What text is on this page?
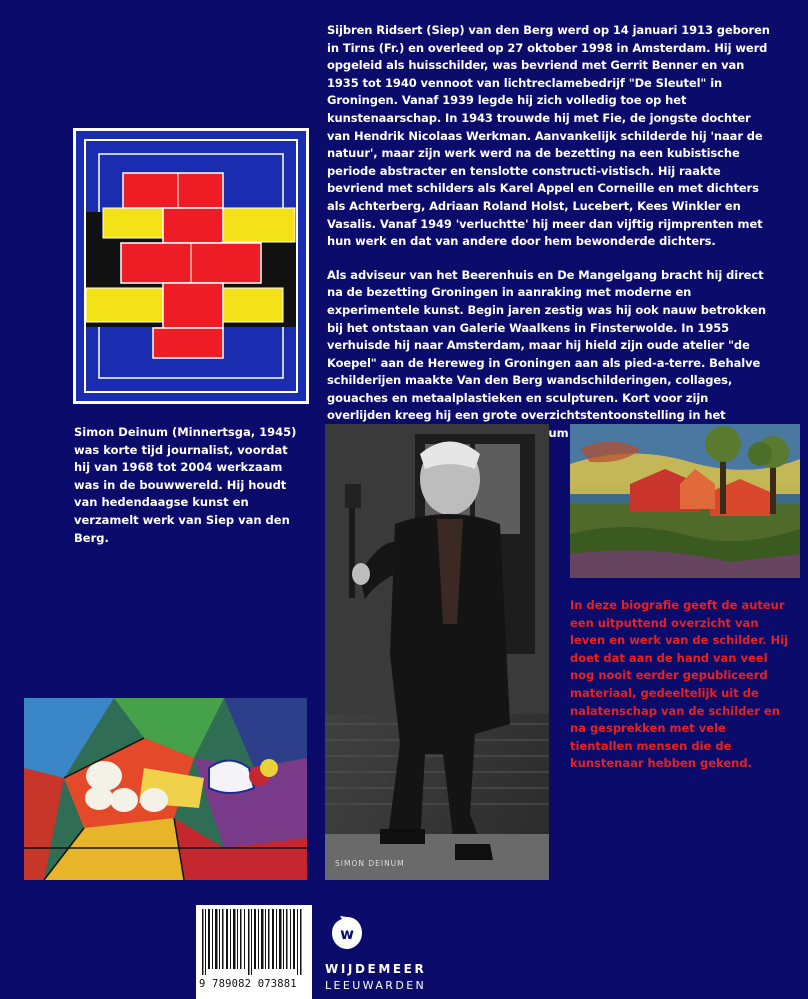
Sijbren Ridsert (Siep) van den Berg werd op 14 januari 1913 geboren in Tirns (Fr.) en overleed op 27 oktober 1998 in Amsterdam. Hij werd opgeleid als huisschilder, was bevriend met Gerrit Benner en van 1935 tot 1940 vennoot van lichtreclamebedrijf "De Sleutel" in Groningen. Vanaf 1939 legde hij zich volledig toe op het kunstenaarschap. In 1943 trouwde hij met Fie, de jongste dochter van Hendrik Nicolaas Werkman. Aanvankelijk schilderde hij 'naar de natuur', maar zijn werk werd na de bezetting na een kubistische periode abstracter en tenslotte constructi-vistisch. Hij raakte bevriend met schilders als Karel Appel en Corneille en met dichters als Achterberg, Adriaan Roland Holst, Lucebert, Kees Winkler en Vasalis. Vanaf 1949 'verluchtte' hij meer dan vijftig rijmprenten met hun werk en dat van andere door hem bewonderde dichters.

Als adviseur van het Beerenhuis en De Mangelgang bracht hij direct na de bezetting Groningen in aanraking met moderne en experimentele kunst. Begin jaren zestig was hij ook nauw betrokken bij het ontstaan van Galerie Waalkens in Finsterwolde. In 1955 verhuisde hij naar Amsterdam, maar hij hield zijn oude atelier "de Koepel" aan de Hereweg in Groningen aan als pied-a-terre. Behalve schilderijen maakte Van den Berg wandschilderingen, collages, gouaches en metaalplastieken en sculpturen. Kort voor zijn overlijden kreeg hij een grote overzichtstentoonstelling in het

Simon Deinum (Minnertsga, 1945) was korte tijd journalist, voordat hij van 1968 tot 2004 werkzaam was in de bouwwereld. Hij houdt van hedendaagse kunst en verzamelt werk van Siep van den Berg.
SIMON DEINUM
In deze biografie geeft de auteur een uitputtend overzicht van leven en werk van de schilder. Hij doet dat aan de hand van veel nog nooit eerder gepubliceerd materiaal, gedeeltelijk uit de nalatenschap van de schilder en na gesprekken met vele tientallen mensen die de kunstenaar hebben gekend.
9 789082 073881
w
WIJDEMEER
LEEUWARDEN
